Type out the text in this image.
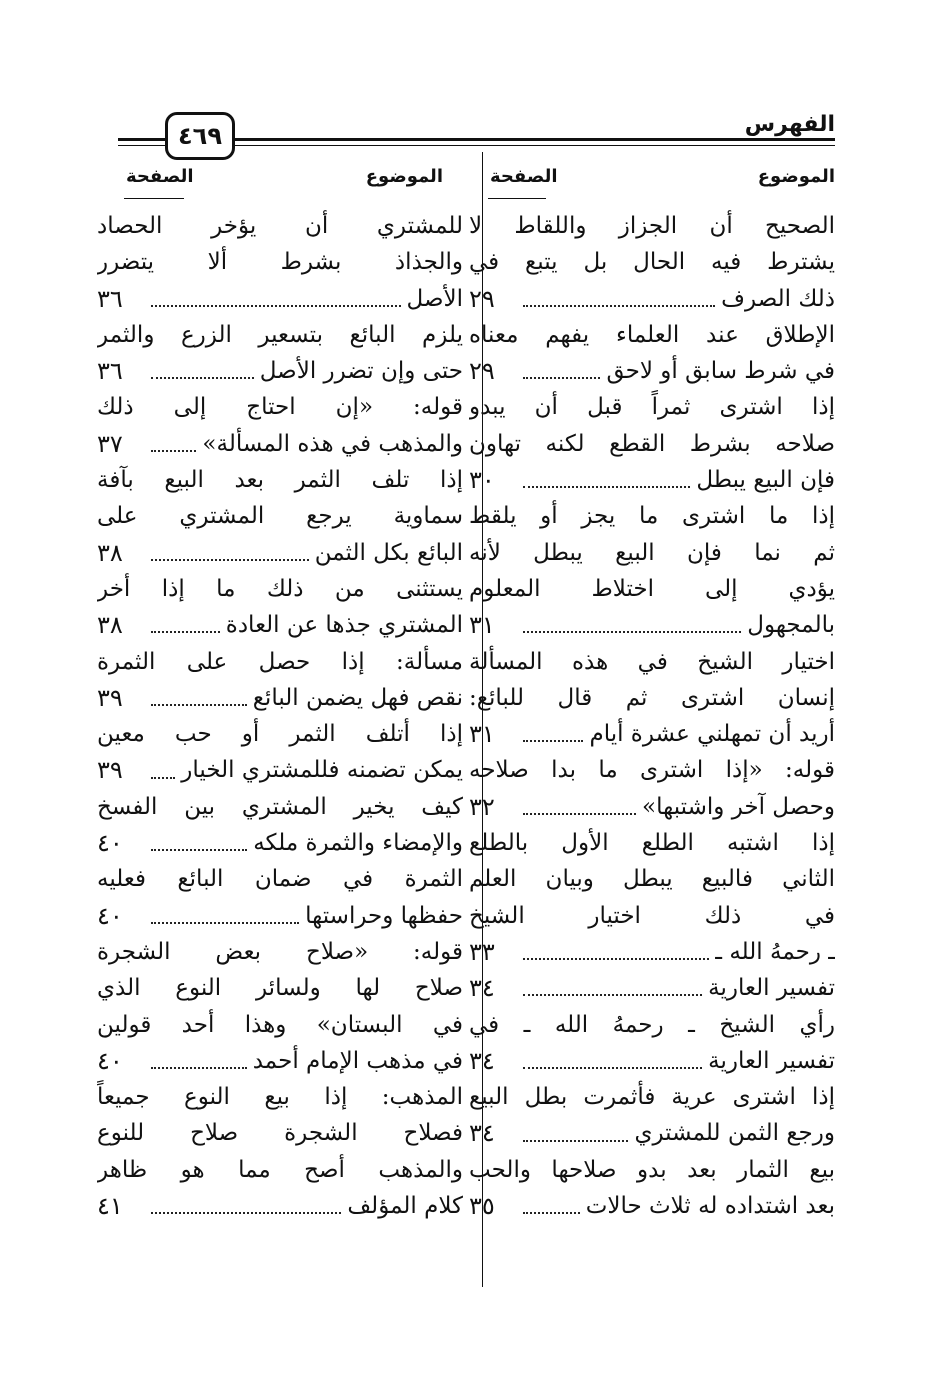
الفهرس
٤٦٩
الموضوع
الصفحة
الموضوع
الصفحة
الصحيح أن الجزاز واللقاط لا
يشترط فيه الحال بل يتبع في
ذلك الصرف
٢٩
الإطلاق عند العلماء يفهم معناه
في شرط سابق أو لاحق
٢٩
إذا اشترى ثمراً قبل أن يبدو
صلاحه بشرط القطع لكنه تهاون
فإن البيع يبطل
٣٠
إذا ما اشترى ما يجز أو يلقط
ثم نما فإن البيع يبطل لأنه
يؤدي إلى اختلاط المعلوم
بالمجهول
٣١
اختيار الشيخ في هذه المسألة
إنسان اشترى ثم قال للبائع:
أريد أن تمهلني عشرة أيام
٣١
قوله: «إذا اشترى ما بدا صلاحه
وحصل آخر واشتبها»
٣٢
إذا اشتبه الطلع الأول بالطلع
الثاني فالبيع يبطل وبيان العلم
في ذلك اختيار الشيخ
ـ رحمهُ الله ـ
٣٣
تفسير العارية
٣٤
رأي الشيخ ـ رحمهُ الله ـ في
تفسير العارية
٣٤
إذا اشترى عرية فأثمرت بطل البيع
ورجع الثمن للمشتري
٣٤
بيع الثمار بعد بدو صلاحها والحب
بعد اشتداده له ثلاث حالات
٣٥
للمشتري أن يؤخر الحصاد
والجذاذ بشرط ألا يتضرر
الأصل
٣٦
يلزم البائع بتسعير الزرع والثمر
حتى وإن تضرر الأصل
٣٦
قوله: «إن احتاج إلى ذلك
والمذهب في هذه المسألة»
٣٧
إذا تلف الثمر بعد البيع بآفة
سماوية يرجع المشتري على
البائع بكل الثمن
٣٨
يستثنى من ذلك ما إذا أخر
المشتري جذها عن العادة
٣٨
مسألة: إذا حصل على الثمرة
نقص فهل يضمن البائع
٣٩
إذا أتلف الثمر أو حب معين
يمكن تضمنه فللمشتري الخيار
٣٩
كيف يخير المشتري بين الفسخ
والإمضاء والثمرة ملكه
٤٠
الثمرة في ضمان البائع فعليه
حفظها وحراستها
٤٠
قوله: «صلاح بعض الشجرة
صلاح لها ولسائر النوع الذي
في البستان» وهذا أحد قولين
في مذهب الإمام أحمد
٤٠
المذهب: إذا بيع النوع جميعاً
فصلاح الشجرة صلاح للنوع
والمذهب أصح مما هو ظاهر
كلام المؤلف
٤١
